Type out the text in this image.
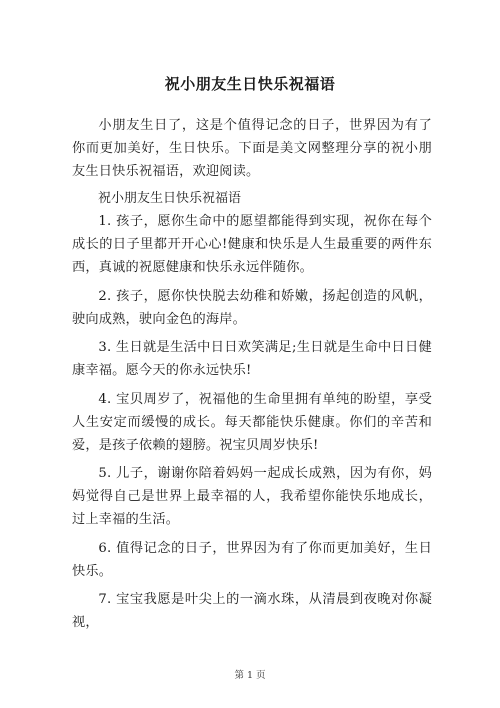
祝小朋友生日快乐祝福语

小朋友生日了，这是个值得记念的日子，世界因为有了你而更加美好，生日快乐。下面是美文网整理分享的祝小朋友生日快乐祝福语，欢迎阅读。

祝小朋友生日快乐祝福语

1. 孩子，愿你生命中的愿望都能得到实现，祝你在每个成长的日子里都开开心心!健康和快乐是人生最重要的两件东西，真诚的祝愿健康和快乐永远伴随你。

2. 孩子，愿你快快脱去幼稚和娇嫩，扬起创造的风帆，驶向成熟，驶向金色的海岸。

3. 生日就是生活中日日欢笑满足;生日就是生命中日日健康幸福。愿今天的你永远快乐!

4. 宝贝周岁了，祝福他的生命里拥有单纯的盼望，享受人生安定而缓慢的成长。每天都能快乐健康。你们的辛苦和爱，是孩子依赖的翅膀。祝宝贝周岁快乐!

5. 儿子，谢谢你陪着妈妈一起成长成熟，因为有你，妈妈觉得自己是世界上最幸福的人，我希望你能快乐地成长，过上幸福的生活。

6. 值得记念的日子，世界因为有了你而更加美好，生日快乐。

7. 宝宝我愿是叶尖上的一滴水珠，从清晨到夜晚对你凝视，

第 1 页
